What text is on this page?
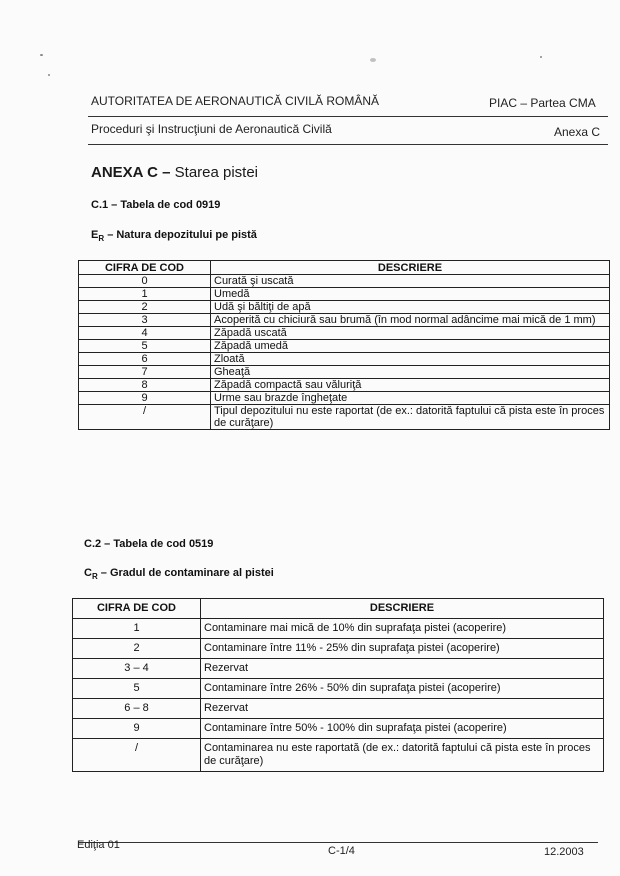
AUTORITATEA DE AERONAUTICĂ CIVILĂ ROMÂNĂ	PIAC – Partea CMA
Proceduri şi Instrucţiuni de Aeronautică Civilă	Anexa C
ANEXA C – Starea pistei
C.1 – Tabela de cod 0919
$E_R$ – Natura depozitului pe pistă
CIFRA DE COD	DESCRIERE
0	Curată şi uscată
1	Umedă
2	Udă şi băltiţi de apă
3	Acoperită cu chiciură sau brumă (în mod normal adâncime mai mică de 1 mm)
4	Zăpadă uscată
5	Zăpadă umedă
6	Zloată
7	Gheaţă
8	Zăpadă compactă sau văluriţă
9	Urme sau brazde îngheţate
/	Tipul depozitului nu este raportat (de ex.: datorită faptului că pista este în proces de curăţare)
C.2 – Tabela de cod 0519
$C_R$ – Gradul de contaminare al pistei
CIFRA DE COD	DESCRIERE
1	Contaminare mai mică de 10% din suprafaţa pistei (acoperire)
2	Contaminare între 11% - 25% din suprafaţa pistei (acoperire)
3 – 4	Rezervat
5	Contaminare între 26% - 50% din suprafaţa pistei (acoperire)
6 – 8	Rezervat
9	Contaminare între 50% - 100% din suprafaţa pistei (acoperire)
/	Contaminarea nu este raportată (de ex.: datorită faptului că pista este în proces de curăţare)
Ediţia 01	C-1/4	12.2003
